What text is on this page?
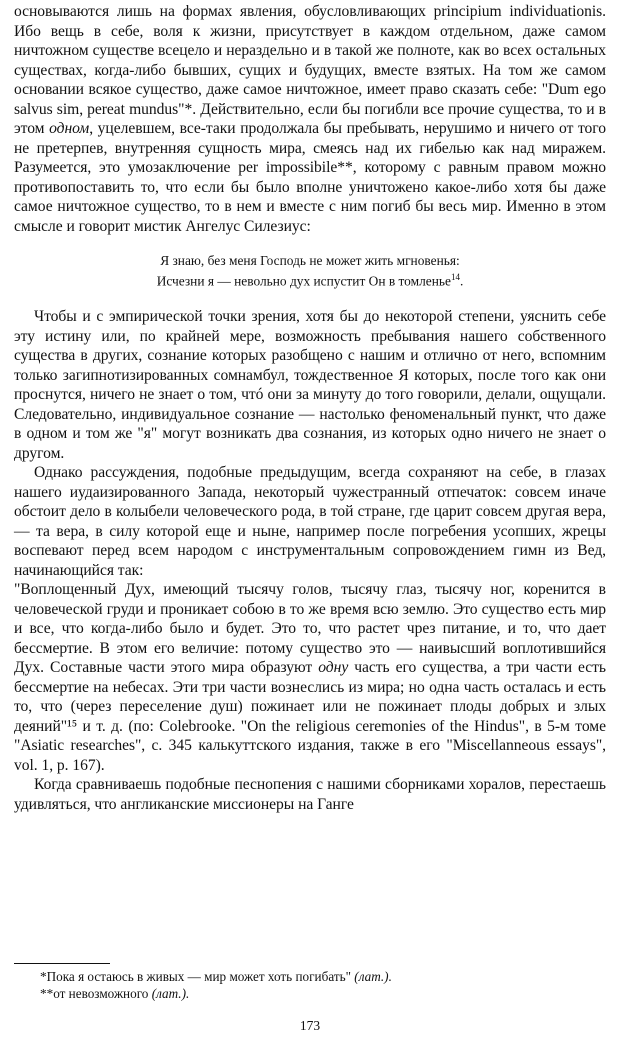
основываются лишь на формах явления, обусловливающих principium individuationis. Ибо вещь в себе, воля к жизни, присутствует в каждом отдельном, даже самом ничтожном существе всецело и нераздельно и в такой же полноте, как во всех остальных существах, когда-либо бывших, сущих и будущих, вместе взятых. На том же самом основании всякое существо, даже самое ничтожное, имеет право сказать себе: "Dum ego salvus sim, pereat mundus"*. Действительно, если бы погибли все прочие существа, то и в этом одном, уцелевшем, все-таки продолжала бы пребывать, нерушимо и ничего от того не претерпев, внутренняя сущность мира, смеясь над их гибелью как над миражем. Разумеется, это умозаключение per impossibile**, которому с равным правом можно противопоставить то, что если бы было вполне уничтожено какое-либо хотя бы даже самое ничтожное существо, то в нем и вместе с ним погиб бы весь мир. Именно в этом смысле и говорит мистик Ангелус Силезиус:

Я знаю, без меня Господь не может жить мгновенья:
Исчезни я — невольно дух испустит Он в томленье$^{14}$.

Чтобы и с эмпирической точки зрения, хотя бы до некоторой степени, уяснить себе эту истину или, по крайней мере, возможность пребывания нашего собственного существа в других, сознание которых разобщено с нашим и отлично от него, вспомним только загипнотизированных сомнамбул, тождественное Я которых, после того как они проснутся, ничего не знает о том, чтó они за минуту до того говорили, делали, ощущали. Следовательно, индивидуальное сознание — настолько феноменальный пункт, что даже в одном и том же "я" могут возникать два сознания, из которых одно ничего не знает о другом.

Однако рассуждения, подобные предыдущим, всегда сохраняют на себе, в глазах нашего иудаизированного Запада, некоторый чужестранный отпечаток: совсем иначе обстоит дело в колыбели человеческого рода, в той стране, где царит совсем другая вера, — та вера, в силу которой еще и ныне, например после погребения усопших, жрецы воспевают перед всем народом с инструментальным сопровождением гимн из Вед, начинающийся так:

"Воплощенный Дух, имеющий тысячу голов, тысячу глаз, тысячу ног, коренится в человеческой груди и проникает собою в то же время всю землю. Это существо есть мир и все, что когда-либо было и будет. Это то, что растет чрез питание, и то, что дает бессмертие. В этом его величие: потому существо это — наивысший воплотившийся Дух. Составные части этого мира образуют одну часть его существа, а три части есть бессмертие на небесах. Эти три части вознеслись из мира; но одна часть осталась и есть то, что (через переселение душ) пожинает или не пожинает плоды добрых и злых деяний"¹⁵ и т. д. (по: Colebrooke. "On the religious ceremonies of the Hindus", в 5-м томе "Asiatic researches", с. 345 калькуттского издания, также в его "Miscellanneous essays", vol. 1, p. 167).

Когда сравниваешь подобные песнопения с нашими сборниками хоралов, перестаешь удивляться, что англиканские миссионеры на Ганге

*Пока я остаюсь в живых — мир может хоть погибать" (лат.).

**от невозможного (лат.).

173
